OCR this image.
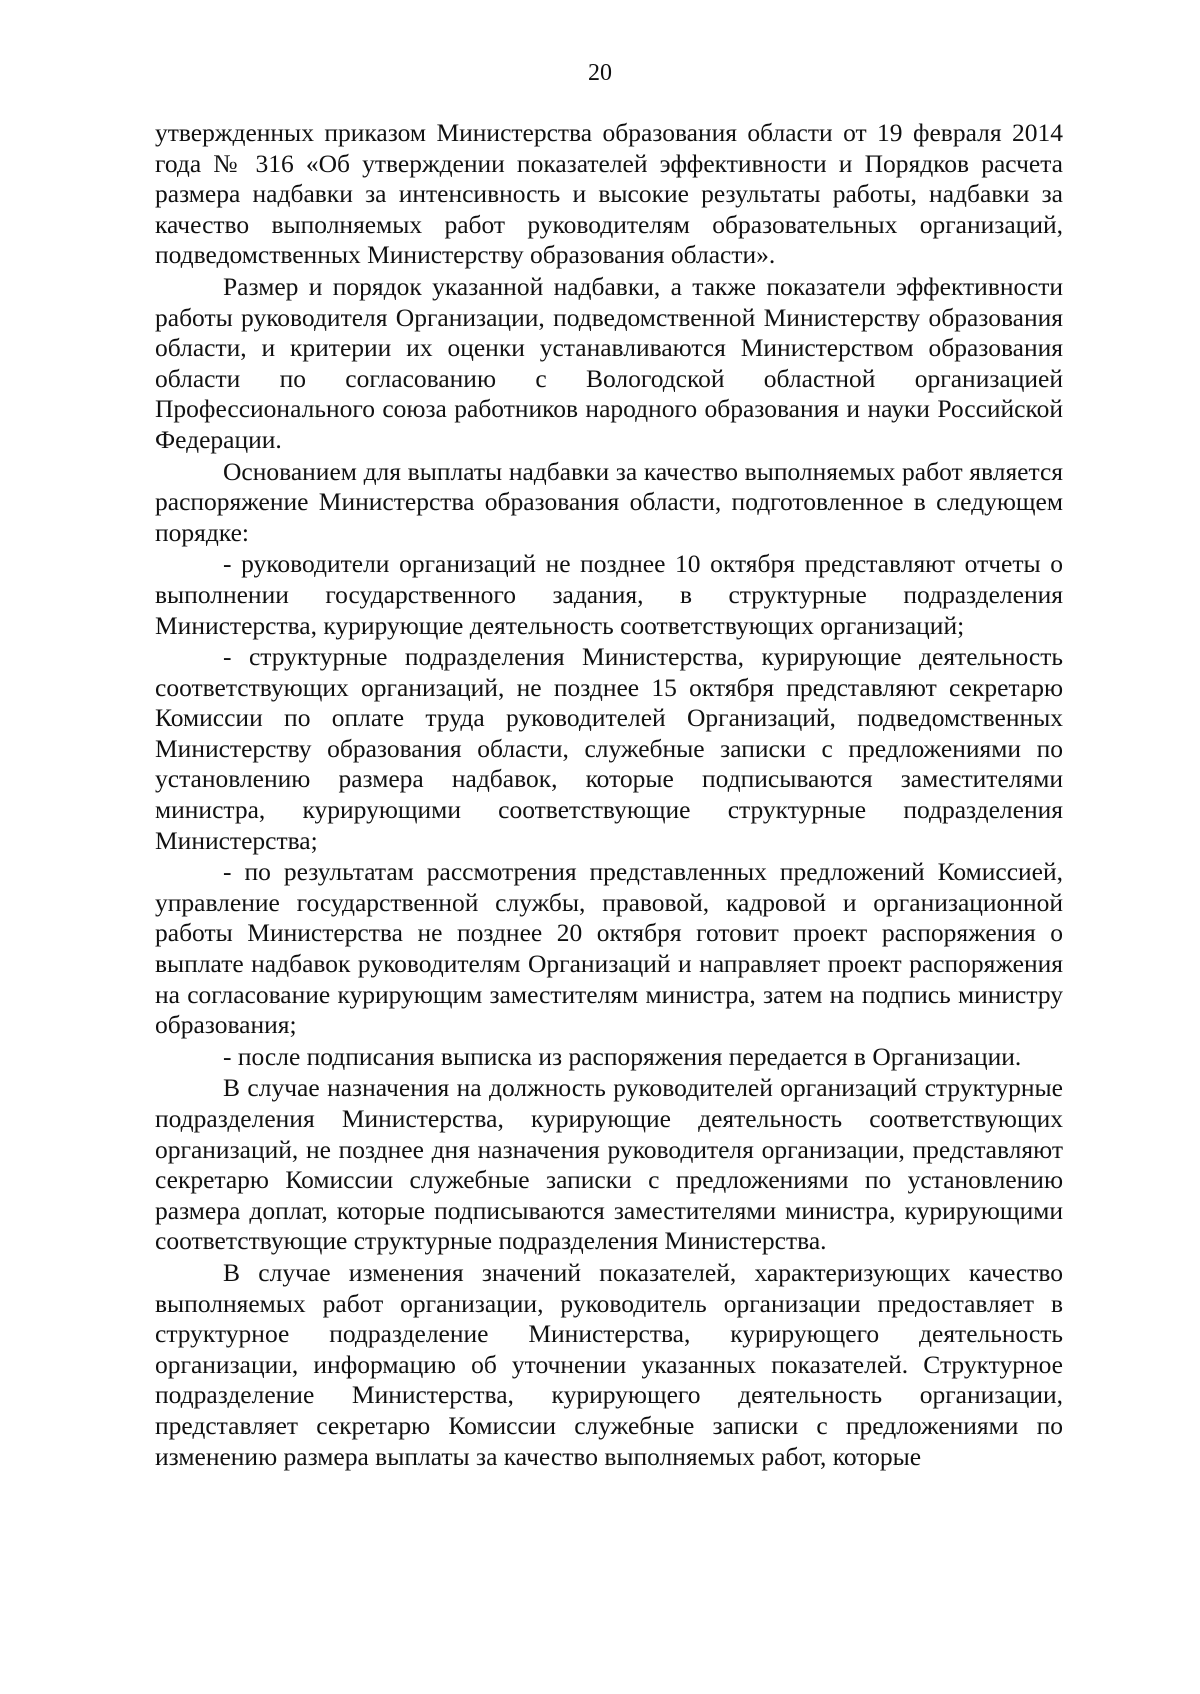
20

утвержденных приказом Министерства образования области от 19 февраля 2014 года № 316 «Об утверждении показателей эффективности и Порядков расчета размера надбавки за интенсивность и высокие результаты работы, надбавки за качество выполняемых работ руководителям образовательных организаций, подведомственных Министерству образования области».

Размер и порядок указанной надбавки, а также показатели эффективности работы руководителя Организации, подведомственной Министерству образования области, и критерии их оценки устанавливаются Министерством образования области по согласованию с Вологодской областной организацией Профессионального союза работников народного образования и науки Российской Федерации.

Основанием для выплаты надбавки за качество выполняемых работ является распоряжение Министерства образования области, подготовленное в следующем порядке:

- руководители организаций не позднее 10 октября представляют отчеты о выполнении государственного задания, в структурные подразделения Министерства, курирующие деятельность соответствующих организаций;

- структурные подразделения Министерства, курирующие деятельность соответствующих организаций, не позднее 15 октября представляют секретарю Комиссии по оплате труда руководителей Организаций, подведомственных Министерству образования области, служебные записки с предложениями по установлению размера надбавок, которые подписываются заместителями министра, курирующими соответствующие структурные подразделения Министерства;

- по результатам рассмотрения представленных предложений Комиссией, управление государственной службы, правовой, кадровой и организационной работы Министерства не позднее 20 октября готовит проект распоряжения о выплате надбавок руководителям Организаций и направляет проект распоряжения на согласование курирующим заместителям министра, затем на подпись министру образования;

- после подписания выписка из распоряжения передается в Организации.

В случае назначения на должность руководителей организаций структурные подразделения Министерства, курирующие деятельность соответствующих организаций, не позднее дня назначения руководителя организации, представляют секретарю Комиссии служебные записки с предложениями по установлению размера доплат, которые подписываются заместителями министра, курирующими соответствующие структурные подразделения Министерства.

В случае изменения значений показателей, характеризующих качество выполняемых работ организации, руководитель организации предоставляет в структурное подразделение Министерства, курирующего деятельность организации, информацию об уточнении указанных показателей. Структурное подразделение Министерства, курирующего деятельность организации, представляет секретарю Комиссии служебные записки с предложениями по изменению размера выплаты за качество выполняемых работ, которые
